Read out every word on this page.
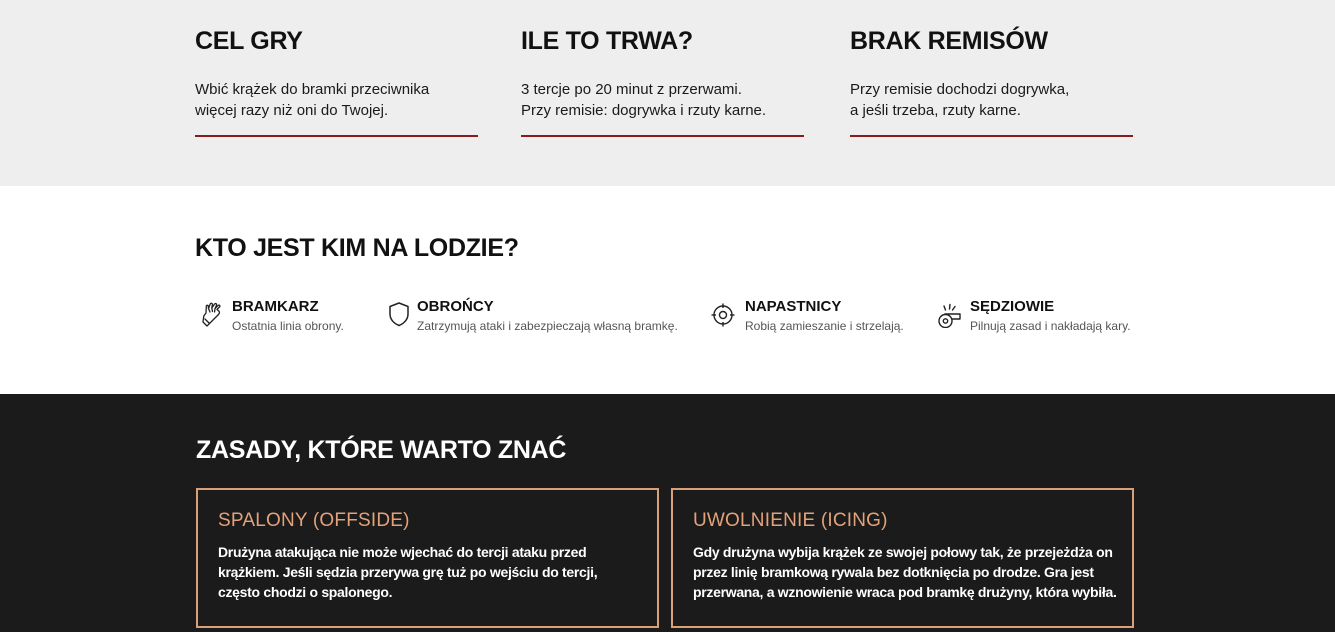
CEL GRY
Wbić krążek do bramki przeciwnika
więcej razy niż oni do Twojej.
ILE TO TRWA?
3 tercje po 20 minut z przerwami.
Przy remisie: dogrywka i rzuty karne.
BRAK REMISÓW
Przy remisie dochodzi dogrywka,
a jeśli trzeba, rzuty karne.
KTO JEST KIM NA LODZIE?
BRAMKARZ
Ostatnia linia obrony.
OBROŃCY
Zatrzymują ataki i zabezpieczają własną bramkę.
NAPASTNICY
Robią zamieszanie i strzelają.
SĘDZIOWIE
Pilnują zasad i nakładają kary.
ZASADY, KTÓRE WARTO ZNAĆ
SPALONY (OFFSIDE)

Drużyna atakująca nie może wjechać do tercji ataku przed
krążkiem. Jeśli sędzia przerywa grę tuż po wejściu do tercji,
często chodzi o spalonego.

UWOLNIENIE (ICING)

Gdy drużyna wybija krążek ze swojej połowy tak, że przejeżdża on
przez linię bramkową rywala bez dotknięcia po drodze. Gra jest
przerwana, a wznowienie wraca pod bramkę drużyny, która wybiła.
